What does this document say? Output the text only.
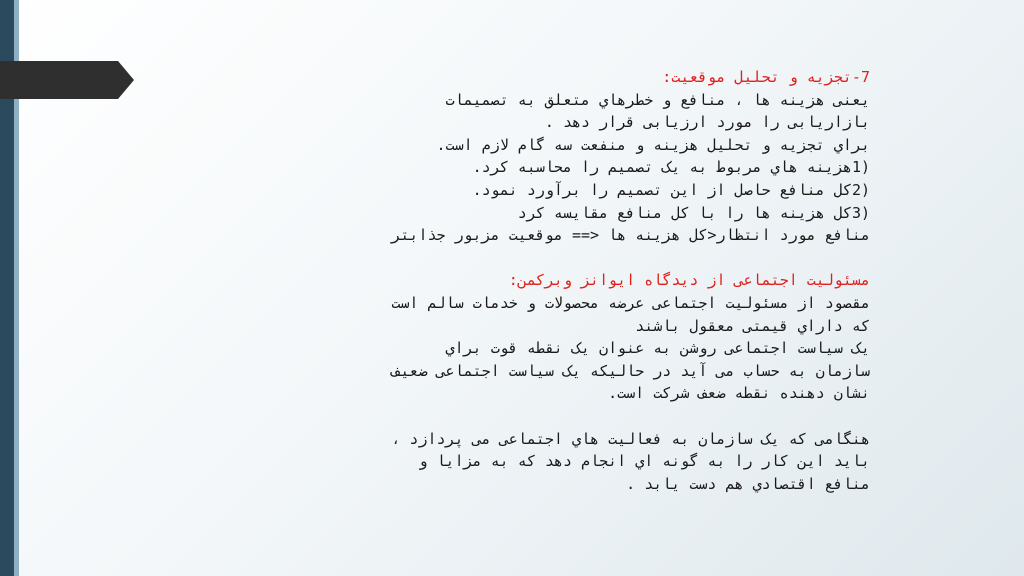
7-تجزیه و تحلیل موقعیت:
یعنی هزینه ها ، منافع و خطرهاي متعلق به تصمیمات
بازاریابی را مورد ارزیابی قرار دهد .
براي تجزیه و تحلیل هزینه و منفعت سه گام لازم است.
(1هزینه هاي مربوط به یک تصمیم را محاسبه کرد.
(2کل منافع حاصل از این تصمیم را برآورد نمود.
(3کل هزینه ها را با کل منافع مقایسه کرد
منافع مورد انتظار<کل هزینه ها <== موقعیت مزبور جذابتر
مسئولیت اجتماعی از دیدگاه ایوانز وبرکمن:
مقصود از مسئولیت اجتماعی عرضه محصولات و خدمات سالم است
که داراي قیمتی معقول باشند
یک سیاست اجتماعی روشن به عنوان یک نقطه قوت براي
سازمان به حساب می آید در حالیکه یک سیاست اجتماعی ضعیف
نشان دهنده نقطه ضعف شرکت است.
هنگامی که یک سازمان به فعالیت هاي اجتماعی می پردازد ،
باید این کار را به گونه اي انجام دهد که به مزایا و
منافع اقتصادي هم دست یابد .
